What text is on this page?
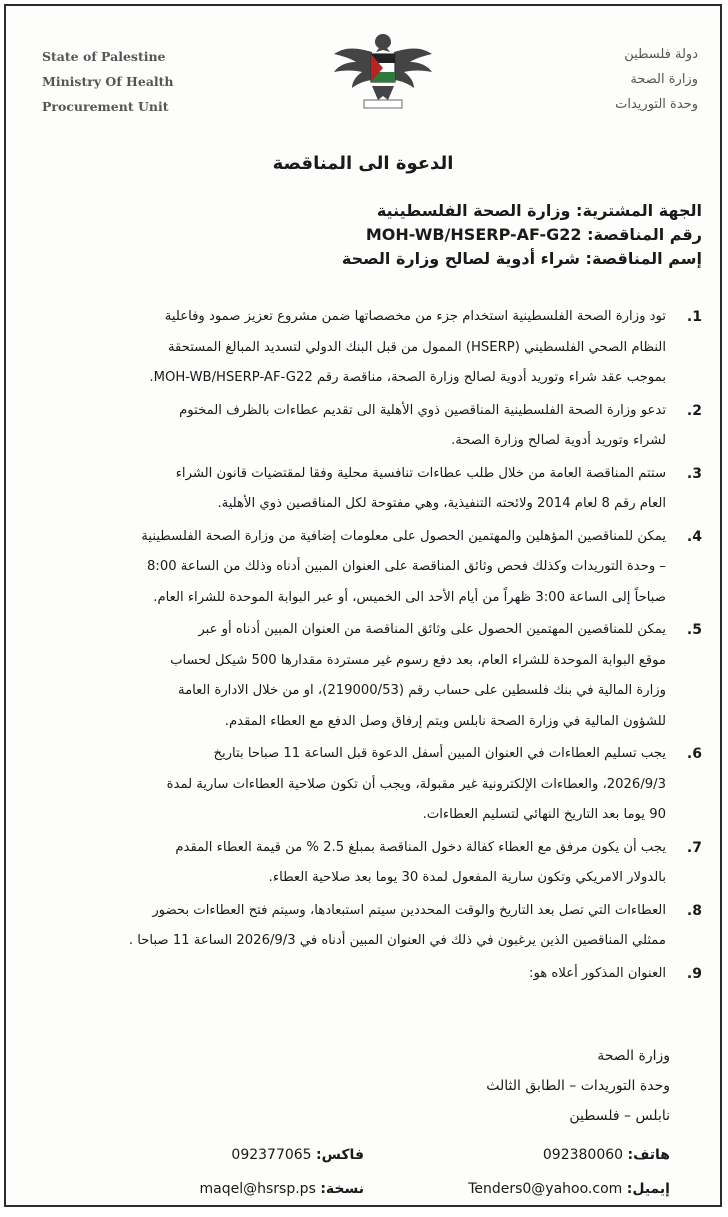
State of Palestine
Ministry Of Health
Procurement Unit
دولة فلسطين
وزارة الصحة
وحدة التوريدات
الدعوة الى المناقصة
الجهة المشترية: وزارة الصحة الفلسطينية
رقم المناقصة: MOH-WB/HSERP-AF-G22
إسم المناقصة: شراء أدوية لصالح وزارة الصحة
1.
تود وزارة الصحة الفلسطينية استخدام جزء من مخصصاتها ضمن مشروع تعزيز صمود وفاعلية
النظام الصحي الفلسطيني (HSERP) الممول من قبل البنك الدولي لتسديد المبالغ المستحقة
بموجب عقد شراء وتوريد أدوية لصالح وزارة الصحة، مناقصة رقم MOH-WB/HSERP-AF-G22.
2.
تدعو وزارة الصحة الفلسطينية المناقصين ذوي الأهلية الى تقديم عطاءات بالظرف المختوم
لشراء وتوريد أدوية لصالح وزارة الصحة.
3.
ستتم المناقصة العامة من خلال طلب عطاءات تنافسية محلية وفقا لمقتضيات قانون الشراء
العام رقم 8 لعام 2014 ولائحته التنفيذية، وهي مفتوحة لكل المناقصين ذوي الأهلية.
4.
يمكن للمناقصين المؤهلين والمهتمين الحصول على معلومات إضافية من وزارة الصحة الفلسطينية
– وحدة التوريدات وكذلك فحص وثائق المناقصة على العنوان المبين أدناه وذلك من الساعة 8:00
صباحاً إلى الساعة 3:00 ظهراً من أيام الأحد الى الخميس، أو عبر البوابة الموحدة للشراء العام.
5.
يمكن للمناقصين المهتمين الحصول على وثائق المناقصة من العنوان المبين أدناه أو عبر
موقع البوابة الموحدة للشراء العام، بعد دفع رسوم غير مستردة مقدارها 500 شيكل لحساب
وزارة المالية في بنك فلسطين على حساب رقم (219000/53)، او من خلال الادارة العامة
للشؤون المالية في وزارة الصحة نابلس ويتم إرفاق وصل الدفع مع العطاء المقدم.
6.
يجب تسليم العطاءات في العنوان المبين أسفل الدعوة قبل الساعة 11 صباحا بتاريخ
2026/9/3، والعطاءات الإلكترونية غير مقبولة، ويجب أن تكون صلاحية العطاءات سارية لمدة
90 يوما بعد التاريخ النهائي لتسليم العطاءات.
7.
يجب أن يكون مرفق مع العطاء كفالة دخول المناقصة بمبلغ 2.5 % من قيمة العطاء المقدم
بالدولار الامريكي وتكون سارية المفعول لمدة 30 يوما بعد صلاحية العطاء.
8.
العطاءات التي تصل بعد التاريخ والوقت المحددين سيتم استبعادها، وسيتم فتح العطاءات بحضور
ممثلي المناقصين الذين يرغبون في ذلك في العنوان المبين أدناه في 2026/9/3 الساعة 11 صباحا .
9.
العنوان المذكور أعلاه هو:
وزارة الصحة
وحدة التوريدات – الطابق الثالث
نابلس – فلسطين
هاتف: 092380060
إيميل: Tenders0@yahoo.com
فاكس: 092377065
نسخة: maqel@hsrsp.ps
